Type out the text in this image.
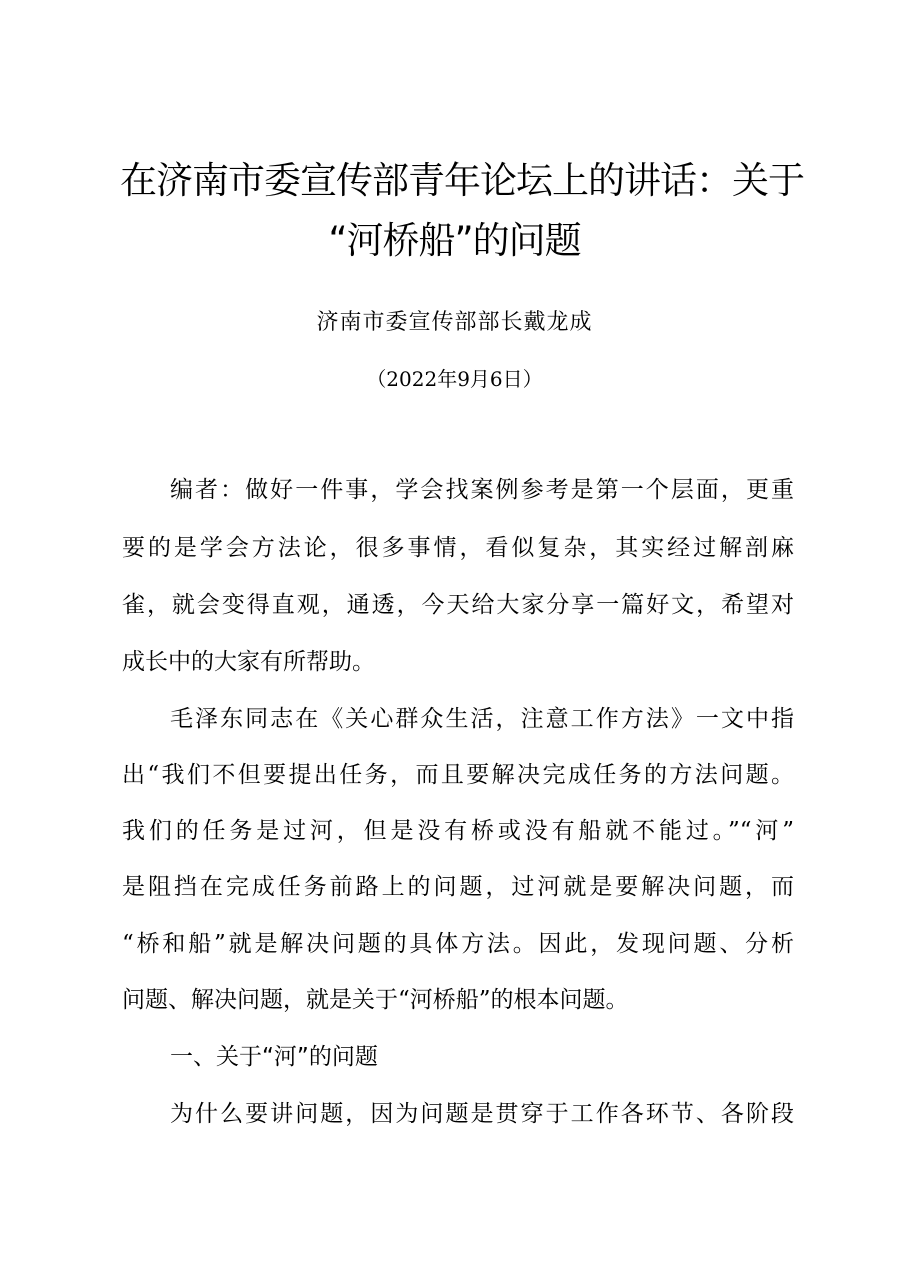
在济南市委宣传部青年论坛上的讲话：关于
“河桥船”的问题
济南市委宣传部部长戴龙成
（2022年9月6日）
编者：做好一件事，学会找案例参考是第一个层面，更重
要的是学会方法论，很多事情，看似复杂，其实经过解剖麻
雀，就会变得直观，通透，今天给大家分享一篇好文，希望对
成长中的大家有所帮助。
毛泽东同志在《关心群众生活，注意工作方法》一文中指
出“我们不但要提出任务，而且要解决完成任务的方法问题。
我们的任务是过河，但是没有桥或没有船就不能过。”“河”
是阻挡在完成任务前路上的问题，过河就是要解决问题，而
“桥和船”就是解决问题的具体方法。因此，发现问题、分析
问题、解决问题，就是关于“河桥船”的根本问题。
一、关于“河”的问题
为什么要讲问题，因为问题是贯穿于工作各环节、各阶段
